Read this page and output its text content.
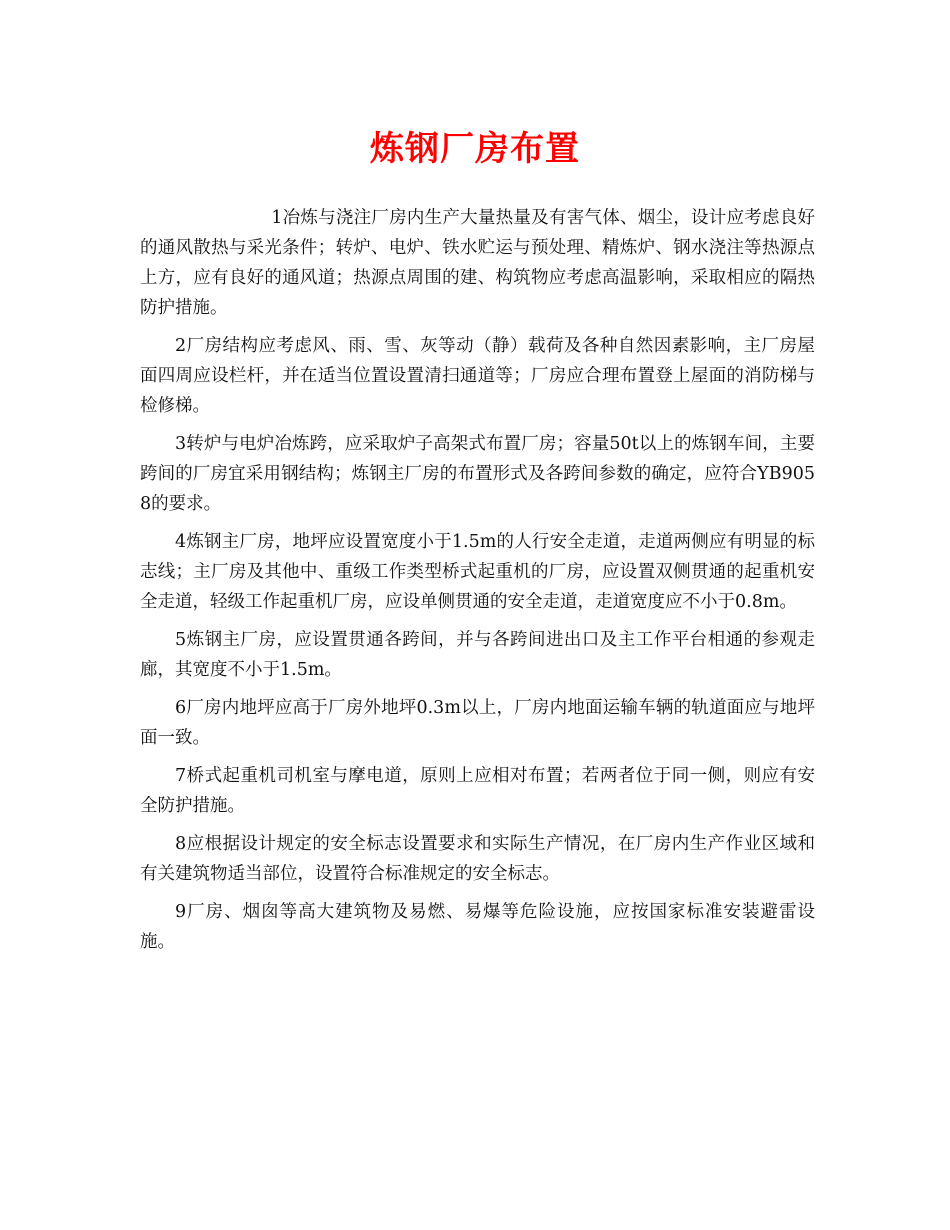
炼钢厂房布置

1冶炼与浇注厂房内生产大量热量及有害气体、烟尘，设计应考虑良好的通风散热与采光条件；转炉、电炉、铁水贮运与预处理、精炼炉、钢水浇注等热源点上方，应有良好的通风道；热源点周围的建、构筑物应考虑高温影响，采取相应的隔热防护措施。

2厂房结构应考虑风、雨、雪、灰等动（静）载荷及各种自然因素影响，主厂房屋面四周应设栏杆，并在适当位置设置清扫通道等；厂房应合理布置登上屋面的消防梯与检修梯。

3转炉与电炉冶炼跨，应采取炉子高架式布置厂房；容量50t以上的炼钢车间，主要跨间的厂房宜采用钢结构；炼钢主厂房的布置形式及各跨间参数的确定，应符合YB9058的要求。

4炼钢主厂房，地坪应设置宽度小于1.5m的人行安全走道，走道两侧应有明显的标志线；主厂房及其他中、重级工作类型桥式起重机的厂房，应设置双侧贯通的起重机安全走道，轻级工作起重机厂房，应设单侧贯通的安全走道，走道宽度应不小于0.8m。

5炼钢主厂房，应设置贯通各跨间，并与各跨间进出口及主工作平台相通的参观走廊，其宽度不小于1.5m。

6厂房内地坪应高于厂房外地坪0.3m以上，厂房内地面运输车辆的轨道面应与地坪面一致。

7桥式起重机司机室与摩电道，原则上应相对布置；若两者位于同一侧，则应有安全防护措施。

8应根据设计规定的安全标志设置要求和实际生产情况，在厂房内生产作业区域和有关建筑物适当部位，设置符合标准规定的安全标志。

9厂房、烟囱等高大建筑物及易燃、易爆等危险设施，应按国家标准安装避雷设施。
